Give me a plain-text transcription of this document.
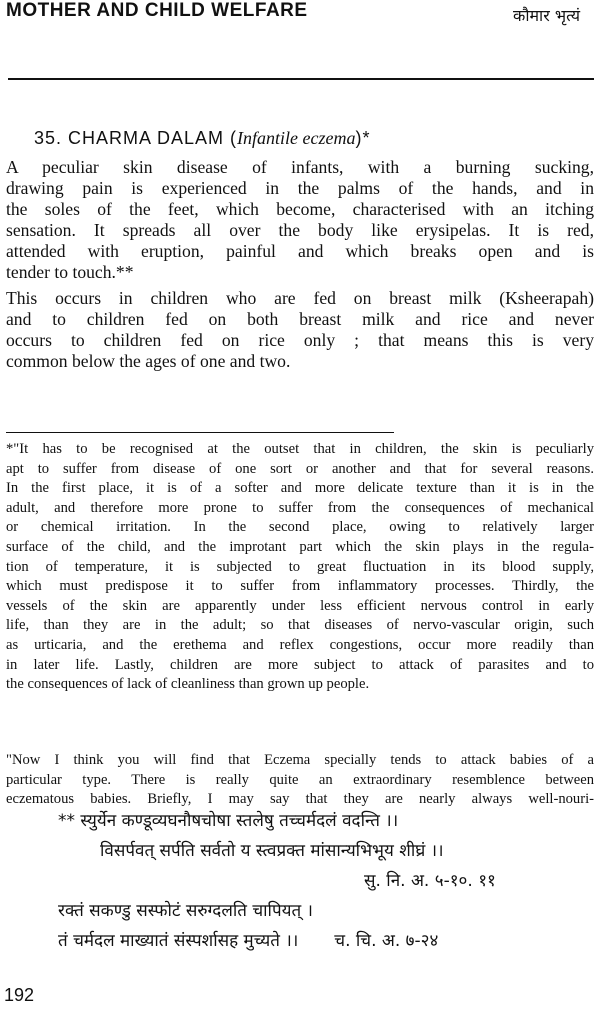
MOTHER AND CHILD WELFARE	कौमार भृत्यं
35. CHARMA DALAM (Infantile eczema)*
A peculiar skin disease of infants, with a burning sucking,
drawing pain is experienced in the palms of the hands, and in
the soles of the feet, which become, characterised with an itching
sensation. It spreads all over the body like erysipelas. It is red,
attended with eruption, painful and which breaks open and is
tender to touch.**
This occurs in children who are fed on breast milk (Ksheerapah)
and to children fed on both breast milk and rice and never
occurs to children fed on rice only ; that means this is very
common below the ages of one and two.
*"It has to be recognised at the outset that in children, the skin is peculiarly
apt to suffer from disease of one sort or another and that for several reasons.
In the first place, it is of a softer and more delicate texture than it is in the
adult, and therefore more prone to suffer from the consequences of mechanical
or chemical irritation. In the second place, owing to relatively larger
surface of the child, and the improtant part which the skin plays in the regula-
tion of temperature, it is subjected to great fluctuation in its blood supply,
which must predispose it to suffer from inflammatory processes. Thirdly, the
vessels of the skin are apparently under less efficient nervous control in early
life, than they are in the adult; so that diseases of nervo-vascular origin, such
as urticaria, and the erethema and reflex congestions, occur more readily than
in later life. Lastly, children are more subject to attack of parasites and to
the consequences of lack of cleanliness than grown up people.
"Now I think you will find that Eczema specially tends to attack babies of a
particular type. There is really quite an extraordinary resemblence between
eczematous babies. Briefly, I may say that they are nearly always well-nouri-
** स्युर्येन कण्डूव्यघनौषचोषा स्तलेषु तच्चर्मदलं वदन्ति ।।
विसर्पवत् सर्पति सर्वतो य स्त्वप्रक्त मांसान्यभिभूय शीघ्रं ।।
सु. नि. अ. ५-१०. ११
रक्तं सकण्डु सस्फोटं सरुग्दलति चापियत् ।
तं चर्मदल माख्यातं संस्पर्शासह मुच्यते ।। च. चि. अ. ७-२४
192
